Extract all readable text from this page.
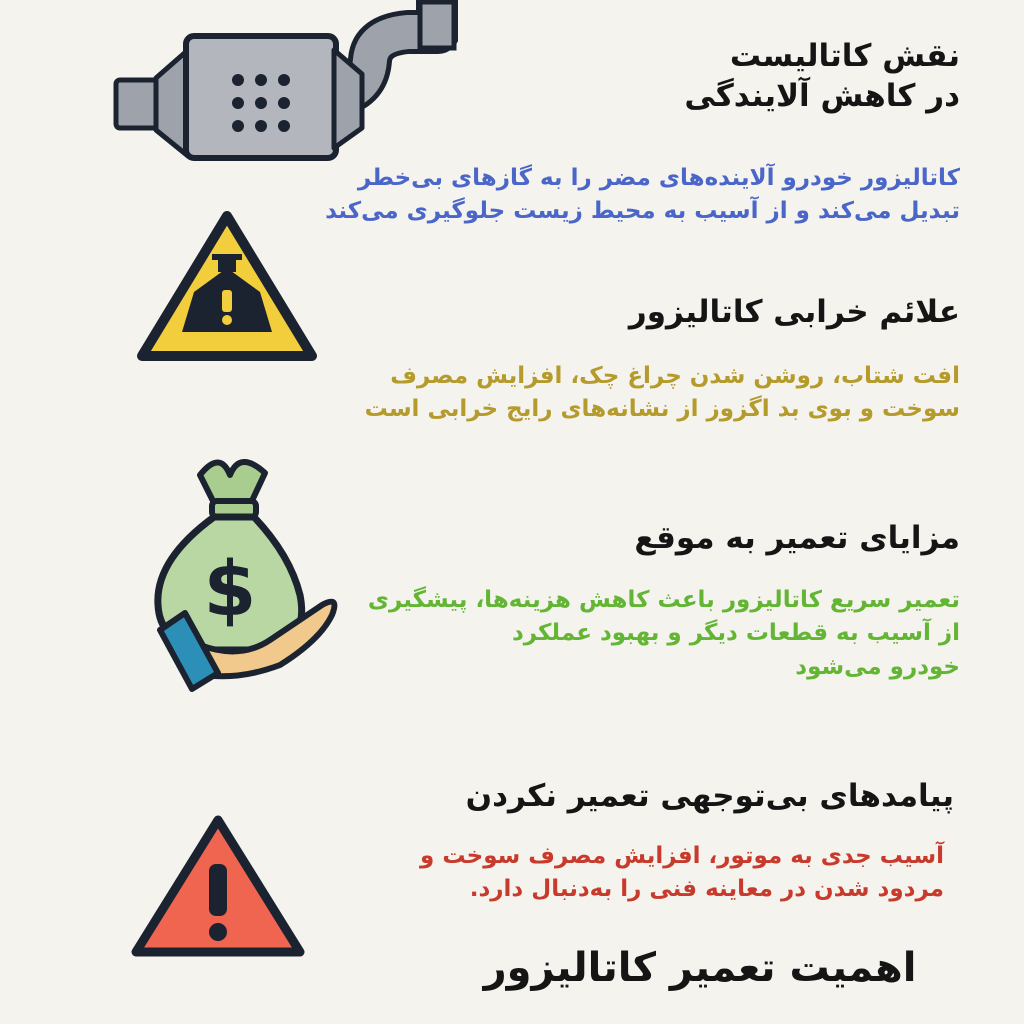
نقش کاتالیست
در کاهش آلایندگی
کاتالیزور خودرو آلاینده‌های مضر را به گازهای بی‌خطر
تبدیل می‌کند و از آسیب به محیط زیست جلوگیری می‌کند
علائم خرابی کاتالیزور
افت شتاب، روشن شدن چراغ چک، افزایش مصرف
سوخت و بوی بد اگزوز از نشانه‌های رایج خرابی است
$
مزایای تعمیر به موقع
تعمیر سریع کاتالیزور باعث کاهش هزینه‌ها، پیشگیری
از آسیب به قطعات دیگر و بهبود عملکرد
خودرو می‌شود
پیامدهای بی‌توجهی تعمیر نکردن
آسیب جدی به موتور، افزایش مصرف سوخت و
مردود شدن در معاینه فنی را به‌دنبال دارد.
اهمیت تعمیر کاتالیزور
